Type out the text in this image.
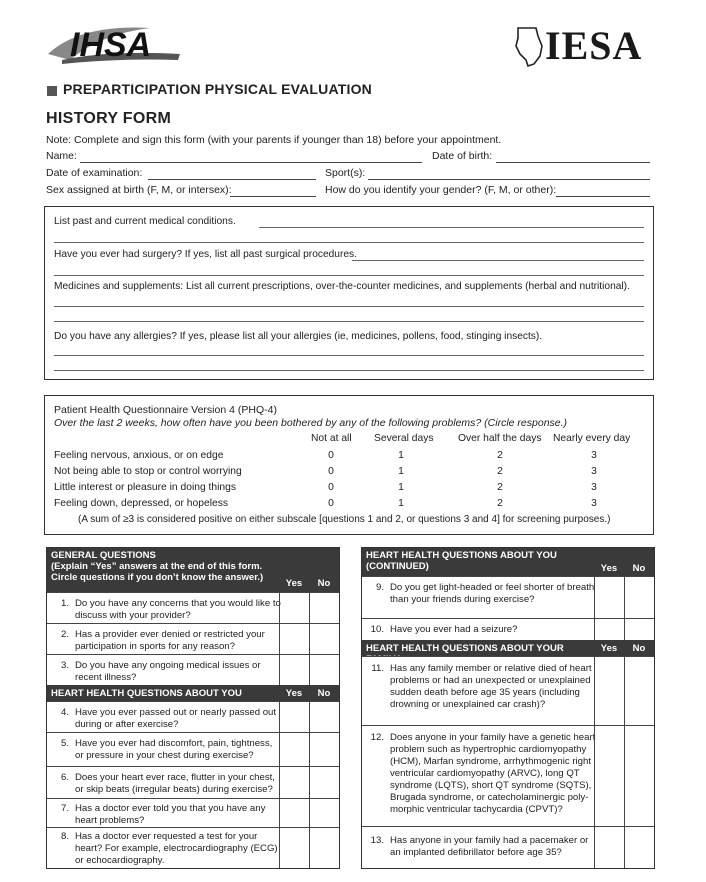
IHSA	IESA
PREPARTICIPATION PHYSICAL EVALUATION
HISTORY FORM
Note: Complete and sign this form (with your parents if younger than 18) before your appointment.
Name:	Date of birth:
Date of examination:	Sport(s):
Sex assigned at birth (F, M, or intersex):	How do you identify your gender? (F, M, or other):
List past and current medical conditions.
Have you ever had surgery? If yes, list all past surgical procedures.
Medicines and supplements: List all current prescriptions, over-the-counter medicines, and supplements (herbal and nutritional).
Do you have any allergies? If yes, please list all your allergies (ie, medicines, pollens, food, stinging insects).
Patient Health Questionnaire Version 4 (PHQ-4)
Over the last 2 weeks, how often have you been bothered by any of the following problems? (Circle response.)
Not at all Several days Over half the days Nearly every day
Feeling nervous, anxious, or on edge	0	1	2	3
Not being able to stop or control worrying	0	1	2	3
Little interest or pleasure in doing things	0	1	2	3
Feeling down, depressed, or hopeless	0	1	2	3
(A sum of ≥3 is considered positive on either subscale [questions 1 and 2, or questions 3 and 4] for screening purposes.)
GENERAL QUESTIONS
(Explain “Yes” answers at the end of this form.
Circle questions if you don’t know the answer.)
Yes	No
1. Do you have any concerns that you would like to
discuss with your provider?
2. Has a provider ever denied or restricted your
participation in sports for any reason?
3. Do you have any ongoing medical issues or
recent illness?
HEART HEALTH QUESTIONS ABOUT YOU	Yes	No
4. Have you ever passed out or nearly passed out
during or after exercise?
5. Have you ever had discomfort, pain, tightness,
or pressure in your chest during exercise?
6. Does your heart ever race, flutter in your chest,
or skip beats (irregular beats) during exercise?
7. Has a doctor ever told you that you have any
heart problems?
8. Has a doctor ever requested a test for your
heart? For example, electrocardiography (ECG)
or echocardiography.
HEART HEALTH QUESTIONS ABOUT YOU
(CONTINUED)	Yes	No
9. Do you get light-headed or feel shorter of breath
than your friends during exercise?
10. Have you ever had a seizure?
HEART HEALTH QUESTIONS ABOUT YOUR FAMILY
Yes	No
11. Has any family member or relative died of heart
problems or had an unexpected or unexplained
sudden death before age 35 years (including
drowning or unexplained car crash)?
12. Does anyone in your family have a genetic heart
problem such as hypertrophic cardiomyopathy
(HCM), Marfan syndrome, arrhythmogenic right
ventricular cardiomyopathy (ARVC), long QT
syndrome (LQTS), short QT syndrome (SQTS),
Brugada syndrome, or catecholaminergic poly-
morphic ventricular tachycardia (CPVT)?
13. Has anyone in your family had a pacemaker or
an implanted defibrillator before age 35?
